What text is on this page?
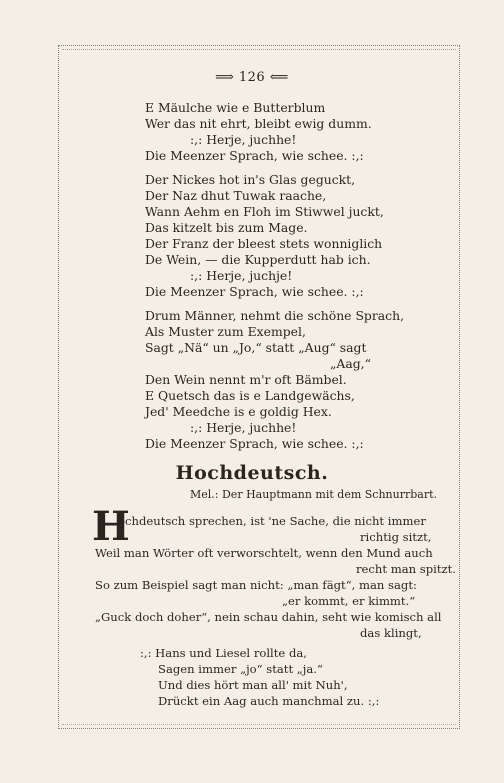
⟹ 126 ⟸
E Mäulche wie e Butterblum
Wer das nit ehrt, bleibt ewig dumm.
:,: Herje, juchhe!
Die Meenzer Sprach, wie schee. :,:
Der Nickes hot in's Glas geguckt,
Der Naz dhut Tuwak raache,
Wann Aehm en Floh im Stiwwel juckt,
Das kitzelt bis zum Mage.
Der Franz der bleest stets wonniglich
De Wein, — die Kupperdutt hab ich.
:,: Herje, juchje!
Die Meenzer Sprach, wie schee. :,:
Drum Männer, nehmt die schöne Sprach,
Als Muster zum Exempel,
Sagt „Nä“ un „Jo,“ statt „Aug“ sagt
„Aag,“
Den Wein nennt m'r oft Bämbel.
E Quetsch das is e Landgewächs,
Jed' Meedche is e goldig Hex.
:,: Herje, juchhe!
Die Meenzer Sprach, wie schee. :,:
Hochdeutsch.
Mel.: Der Hauptmann mit dem Schnurrbart.
H
ochdeutsch sprechen, ist 'ne Sache, die nicht immer
richtig sitzt,
Weil man Wörter oft verworschtelt, wenn den Mund auch
recht man spitzt.
So zum Beispiel sagt man nicht: „man fägt“, man sagt:
„er kommt, er kimmt.“
„Guck doch doher“, nein schau dahin, seht wie komisch all
das klingt,
:,: Hans und Liesel rollte da,
Sagen immer „jo“ statt „ja.“
Und dies hört man all' mit Nuh',
Drückt ein Aag auch manchmal zu. :,:
